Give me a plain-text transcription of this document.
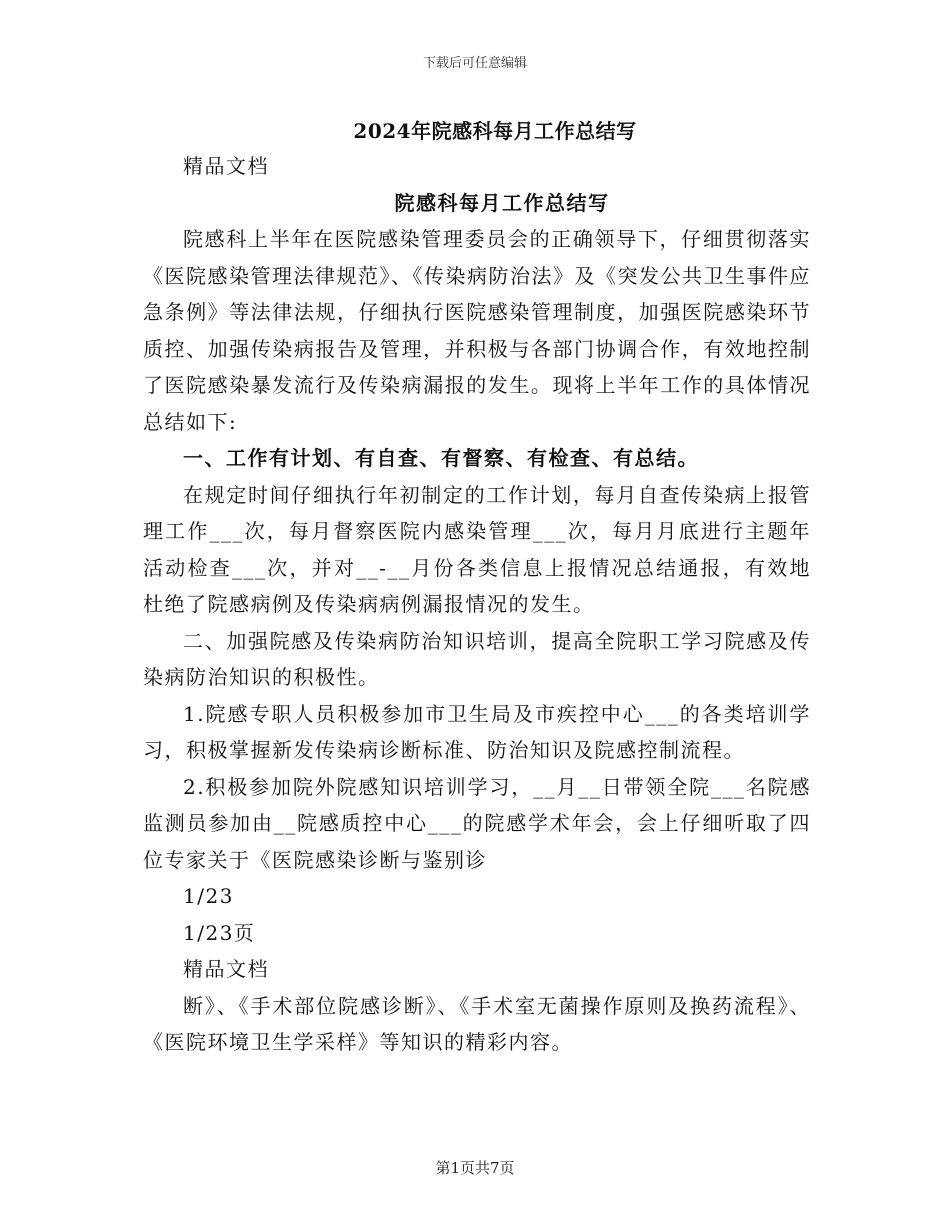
下载后可任意编辑
2024年院感科每月工作总结写

精品文档

院感科每月工作总结写

院感科上半年在医院感染管理委员会的正确领导下，仔细贯彻落实《医院感染管理法律规范》、《传染病防治法》及《突发公共卫生事件应急条例》等法律法规，仔细执行医院感染管理制度，加强医院感染环节质控、加强传染病报告及管理，并积极与各部门协调合作，有效地控制了医院感染暴发流行及传染病漏报的发生。现将上半年工作的具体情况总结如下:

一、工作有计划、有自查、有督察、有检查、有总结。

在规定时间仔细执行年初制定的工作计划，每月自查传染病上报管理工作___次，每月督察医院内感染管理___次，每月月底进行主题年活动检查___次，并对__-__月份各类信息上报情况总结通报，有效地杜绝了院感病例及传染病病例漏报情况的发生。

二、加强院感及传染病防治知识培训，提高全院职工学习院感及传染病防治知识的积极性。

1.院感专职人员积极参加市卫生局及市疾控中心___的各类培训学习，积极掌握新发传染病诊断标准、防治知识及院感控制流程。

2.积极参加院外院感知识培训学习，__月__日带领全院___名院感监测员参加由__院感质控中心___的院感学术年会，会上仔细听取了四位专家关于《医院感染诊断与鉴别诊

1/23

1/23页

精品文档

断》、《手术部位院感诊断》、《手术室无菌操作原则及换药流程》、《医院环境卫生学采样》等知识的精彩内容。

第1页共7页
